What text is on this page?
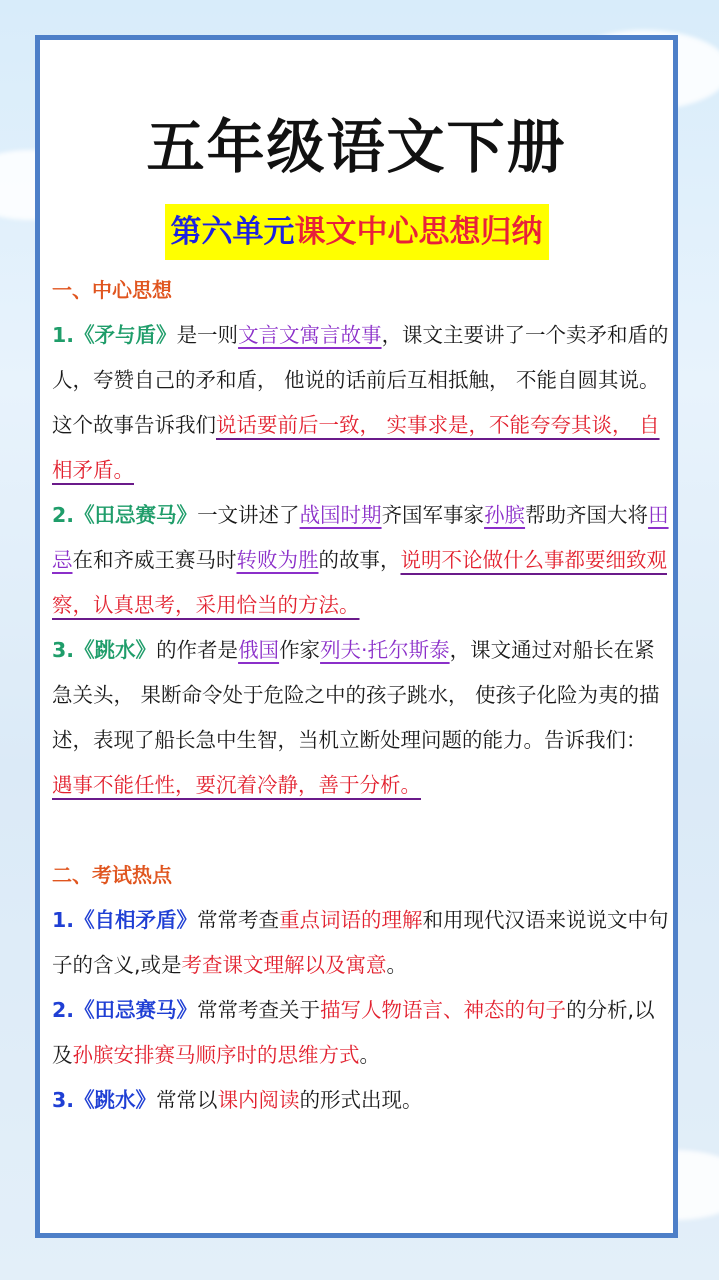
五年级语文下册
第六单元课文中心思想归纳
一、中心思想

1.《矛与盾》是一则文言文寓言故事，课文主要讲了一个卖矛和盾的人，夸赞自己的矛和盾， 他说的话前后互相抵触， 不能自圆其说。这个故事告诉我们说话要前后一致， 实事求是，不能夸夸其谈， 自相矛盾。

2.《田忌赛马》一文讲述了战国时期齐国军事家孙膑帮助齐国大将田忌在和齐威王赛马时转败为胜的故事，说明不论做什么事都要细致观察，认真思考，采用恰当的方法。

3.《跳水》的作者是俄国作家列夫·托尔斯泰，课文通过对船长在紧急关头， 果断命令处于危险之中的孩子跳水， 使孩子化险为夷的描述，表现了船长急中生智，当机立断处理问题的能力。告诉我们： 遇事不能任性，要沉着冷静，善于分析。

二、考试热点

1.《自相矛盾》常常考查重点词语的理解和用现代汉语来说说文中句子的含义,或是考查课文理解以及寓意。

2.《田忌赛马》常常考查关于描写人物语言、神态的句子的分析,以及孙膑安排赛马顺序时的思维方式。

3.《跳水》常常以课内阅读的形式出现。
